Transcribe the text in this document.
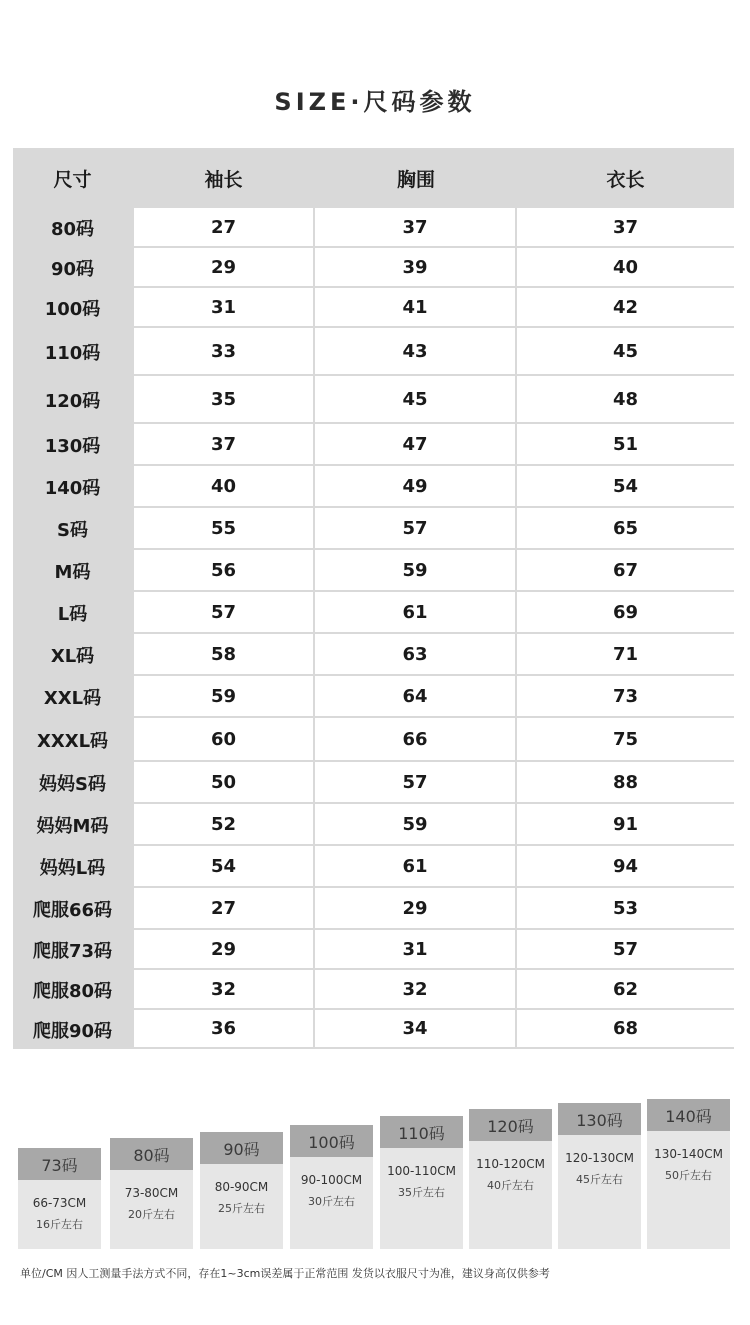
SIZE·尺码参数
尺寸	袖长	胸围	衣长
80码	27	37	37
90码	29	39	40
100码	31	41	42
110码	33	43	45
120码	35	45	48
130码	37	47	51
140码	40	49	54
S码	55	57	65
M码	56	59	67
L码	57	61	69
XL码	58	63	71
XXL码	59	64	73
XXXL码	60	66	75
妈妈S码	50	57	88
妈妈M码	52	59	91
妈妈L码	54	61	94
爬服66码	27	29	53
爬服73码	29	31	57
爬服80码	32	32	62
爬服90码	36	34	68
73码
66-73CM
16斤左右
80码
73-80CM
20斤左右
90码
80-90CM
25斤左右
100码
90-100CM
30斤左右
110码
100-110CM
35斤左右
120码
110-120CM
40斤左右
130码
120-130CM
45斤左右
140码
130-140CM
50斤左右
单位/CM 因人工测量手法方式不同，存在1~3cm误差属于正常范围 发货以衣服尺寸为准，建议身高仅供参考
